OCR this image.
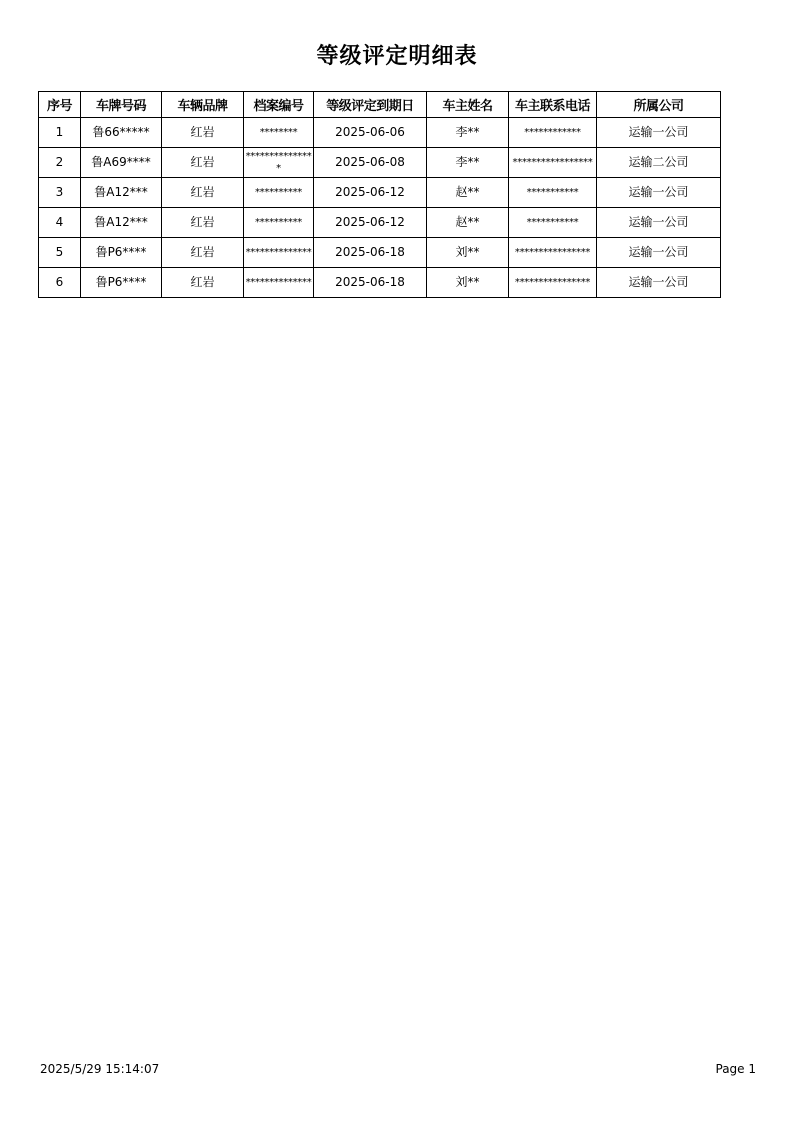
等级评定明细表
序号	车牌号码	车辆品牌	档案编号	等级评定到期日	车主姓名	车主联系电话	所属公司
1	鲁66*****	红岩	********	2025-06-06	李**	************	运输一公司
2	鲁A69****	红岩	***************	2025-06-08	李**	*****************	运输二公司
3	鲁A12***	红岩	**********	2025-06-12	赵**	***********	运输一公司
4	鲁A12***	红岩	**********	2025-06-12	赵**	***********	运输一公司
5	鲁P6****	红岩	**************	2025-06-18	刘**	****************	运输一公司
6	鲁P6****	红岩	**************	2025-06-18	刘**	****************	运输一公司
2025/5/29 15:14:07	Page 1
